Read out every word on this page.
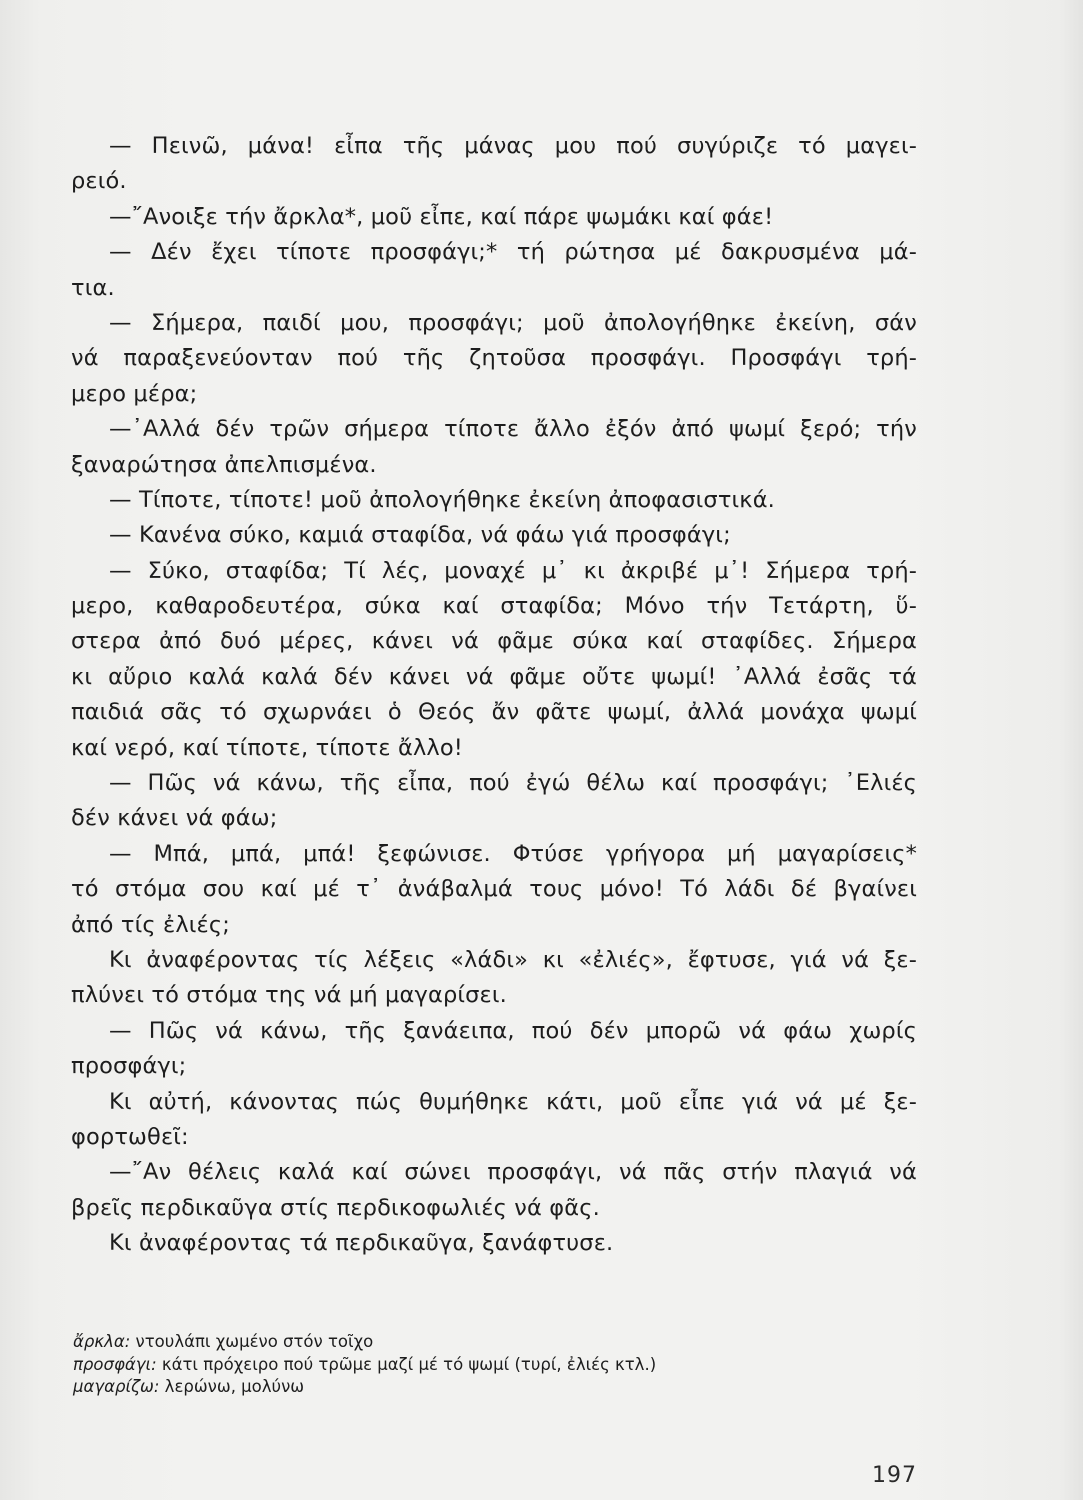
— Πεινῶ, μάνα! εἶπα τῆς μάνας μου πού συγύριζε τό μαγει-
ρειό.
—῎Ανοιξε τήν ἄρκλα*, μοῦ εἶπε, καί πάρε ψωμάκι καί φάε!
— Δέν ἔχει τίποτε προσφάγι;* τή ρώτησα μέ δακρυσμένα μά-
τια.
— Σήμερα, παιδί μου, προσφάγι; μοῦ ἀπολογήθηκε ἐκείνη, σάν
νά παραξενεύονταν πού τῆς ζητοῦσα προσφάγι. Προσφάγι τρή-
μερο μέρα;
—᾿Αλλά δέν τρῶν σήμερα τίποτε ἄλλο ἐξόν ἀπό ψωμί ξερό; τήν
ξαναρώτησα ἀπελπισμένα.
— Τίποτε, τίποτε! μοῦ ἀπολογήθηκε ἐκείνη ἀποφασιστικά.
— Κανένα σύκο, καμιά σταφίδα, νά φάω γιά προσφάγι;
— Σύκο, σταφίδα; Τί λές, μοναχέ μ᾿ κι ἀκριβέ μ᾿! Σήμερα τρή-
μερο, καθαροδευτέρα, σύκα καί σταφίδα; Μόνο τήν Τετάρτη, ὕ-
στερα ἀπό δυό μέρες, κάνει νά φᾶμε σύκα καί σταφίδες. Σήμερα
κι αὔριο καλά καλά δέν κάνει νά φᾶμε οὔτε ψωμί! ᾿Αλλά ἐσᾶς τά
παιδιά σᾶς τό σχωρνάει ὁ Θεός ἄν φᾶτε ψωμί, ἀλλά μονάχα ψωμί
καί νερό, καί τίποτε, τίποτε ἄλλο!
— Πῶς νά κάνω, τῆς εἶπα, πού ἐγώ θέλω καί προσφάγι; ᾿Ελιές
δέν κάνει νά φάω;
— Μπά, μπά, μπά! ξεφώνισε. Φτύσε γρήγορα μή μαγαρίσεις*
τό στόμα σου καί μέ τ᾿ ἀνάβαλμά τους μόνο! Τό λάδι δέ βγαίνει
ἀπό τίς ἐλιές;
Κι ἀναφέροντας τίς λέξεις «λάδι» κι «ἐλιές», ἔφτυσε, γιά νά ξε-
πλύνει τό στόμα της νά μή μαγαρίσει.
— Πῶς νά κάνω, τῆς ξανάειπα, πού δέν μπορῶ νά φάω χωρίς
προσφάγι;
Κι αὐτή, κάνοντας πώς θυμήθηκε κάτι, μοῦ εἶπε γιά νά μέ ξε-
φορτωθεῖ:
—῎Αν θέλεις καλά καί σώνει προσφάγι, νά πᾶς στήν πλαγιά νά
βρεῖς περδικαῦγα στίς περδικοφωλιές νά φᾶς.
Κι ἀναφέροντας τά περδικαῦγα, ξανάφτυσε.
ἄρκλα: ντουλάπι χωμένο στόν τοῖχο
προσφάγι: κάτι πρόχειρο πού τρῶμε μαζί μέ τό ψωμί (τυρί, ἐλιές κτλ.)
μαγαρίζω: λερώνω, μολύνω
197
